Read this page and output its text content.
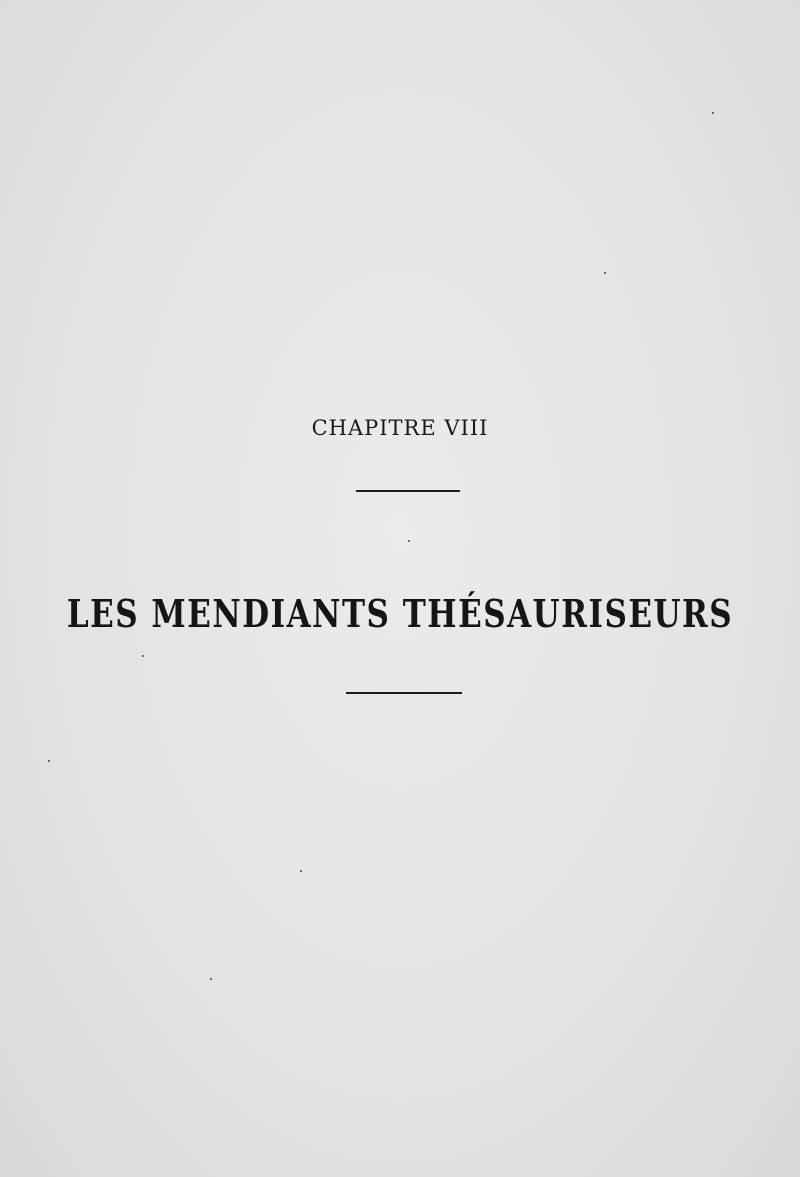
CHAPITRE VIII
LES MENDIANTS THÉSAURISEURS
